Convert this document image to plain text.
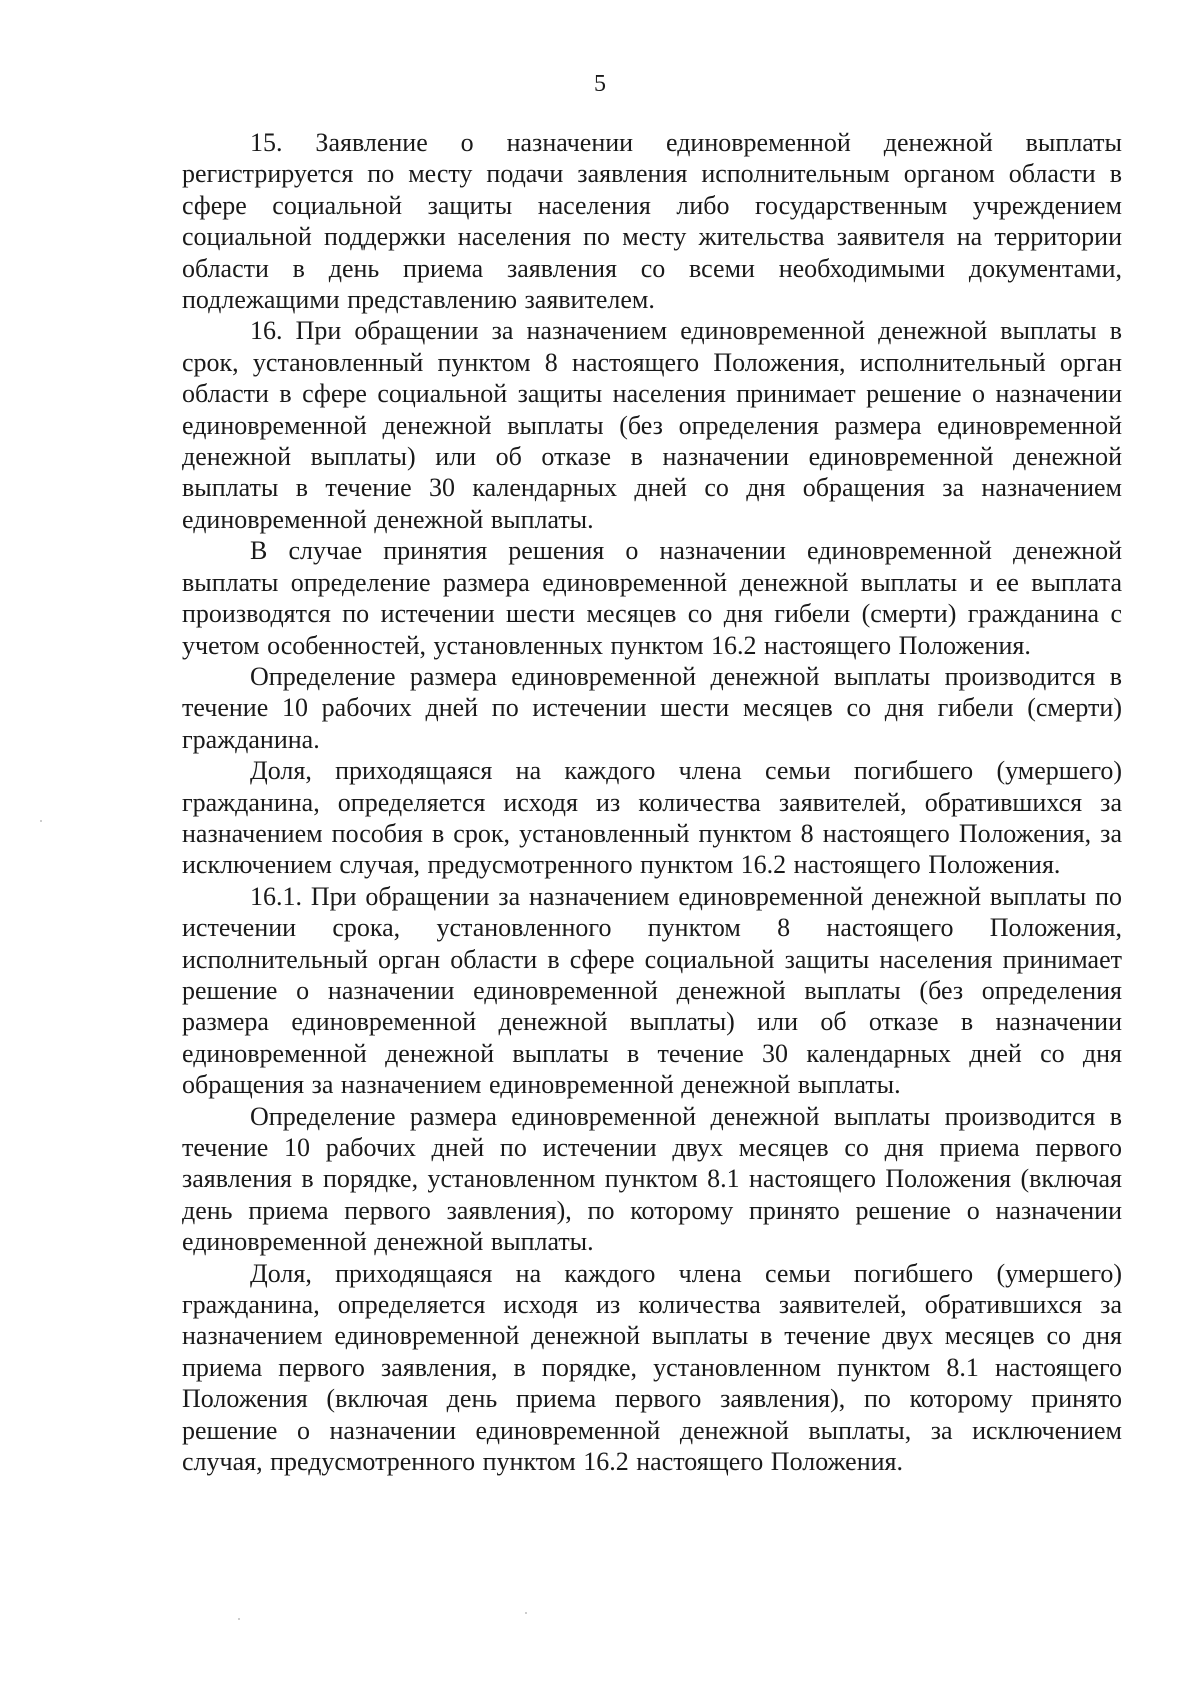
5

15. Заявление о назначении единовременной денежной выплаты регистрируется по месту подачи заявления исполнительным органом области в сфере социальной защиты населения либо государственным учреждением социальной поддержки населения по месту жительства заявителя на территории области в день приема заявления со всеми необходимыми документами, подлежащими представлению заявителем.

16. При обращении за назначением единовременной денежной выплаты в срок, установленный пунктом 8 настоящего Положения, исполнительный орган области в сфере социальной защиты населения принимает решение о назначении единовременной денежной выплаты (без определения размера единовременной денежной выплаты) или об отказе в назначении единовременной денежной выплаты в течение 30 календарных дней со дня обращения за назначением единовременной денежной выплаты.

В случае принятия решения о назначении единовременной денежной выплаты определение размера единовременной денежной выплаты и ее выплата производятся по истечении шести месяцев со дня гибели (смерти) гражданина с учетом особенностей, установленных пунктом 16.2 настоящего Положения.

Определение размера единовременной денежной выплаты производится в течение 10 рабочих дней по истечении шести месяцев со дня гибели (смерти) гражданина.

Доля, приходящаяся на каждого члена семьи погибшего (умершего) гражданина, определяется исходя из количества заявителей, обратившихся за назначением пособия в срок, установленный пунктом 8 настоящего Положения, за исключением случая, предусмотренного пунктом 16.2 настоящего Положения.

16.1. При обращении за назначением единовременной денежной выплаты по истечении срока, установленного пунктом 8 настоящего Положения, исполнительный орган области в сфере социальной защиты населения принимает решение о назначении единовременной денежной выплаты (без определения размера единовременной денежной выплаты) или об отказе в назначении единовременной денежной выплаты в течение 30 календарных дней со дня обращения за назначением единовременной денежной выплаты.

Определение размера единовременной денежной выплаты производится в течение 10 рабочих дней по истечении двух месяцев со дня приема первого заявления в порядке, установленном пунктом 8.1 настоящего Положения (включая день приема первого заявления), по которому принято решение о назначении единовременной денежной выплаты.

Доля, приходящаяся на каждого члена семьи погибшего (умершего) гражданина, определяется исходя из количества заявителей, обратившихся за назначением единовременной денежной выплаты в течение двух месяцев со дня приема первого заявления, в порядке, установленном пунктом 8.1 настоящего Положения (включая день приема первого заявления), по которому принято решение о назначении единовременной денежной выплаты, за исключением случая, предусмотренного пунктом 16.2 настоящего Положения.
